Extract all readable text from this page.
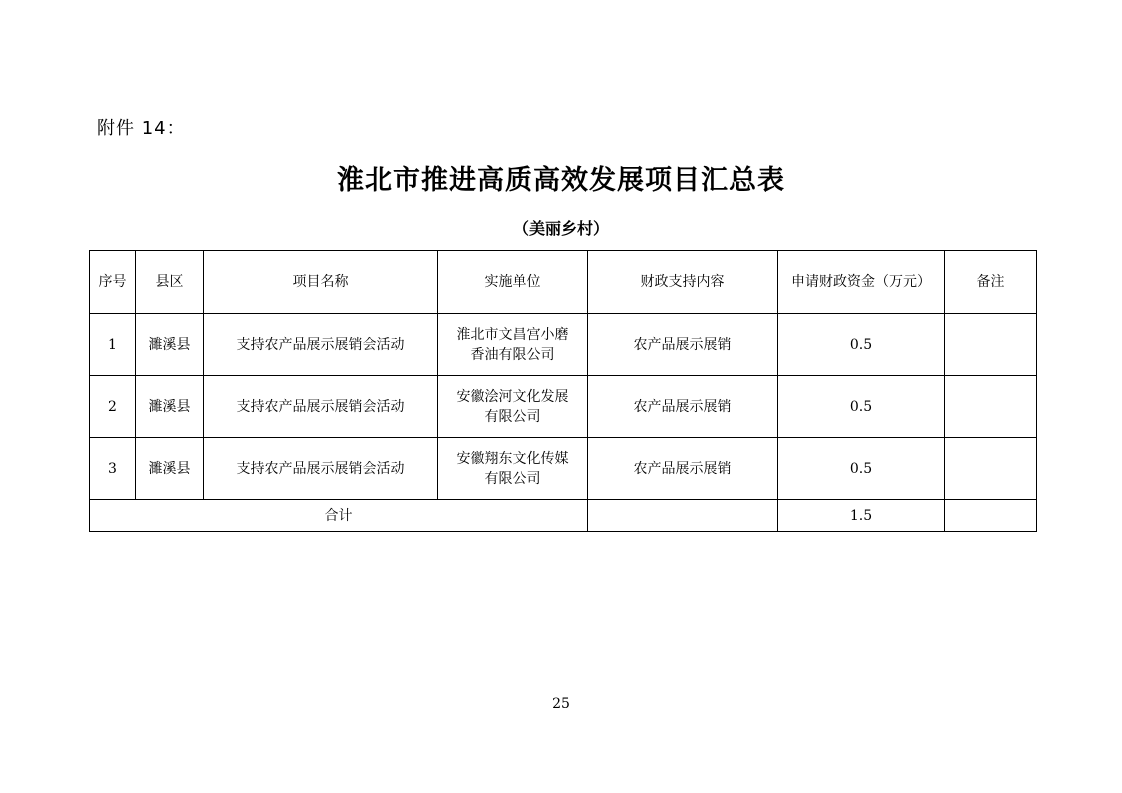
附件 14：
淮北市推进高质高效发展项目汇总表
（美丽乡村）
序号	县区	项目名称	实施单位	财政支持内容	申请财政资金（万元）	备注
1	濉溪县	支持农产品展示展销会活动	淮北市文昌宫小磨
香油有限公司	农产品展示展销	0.5	
2	濉溪县	支持农产品展示展销会活动	安徽浍河文化发展
有限公司	农产品展示展销	0.5	
3	濉溪县	支持农产品展示展销会活动	安徽翔东文化传媒
有限公司	农产品展示展销	0.5	
合计					1.5	
25
